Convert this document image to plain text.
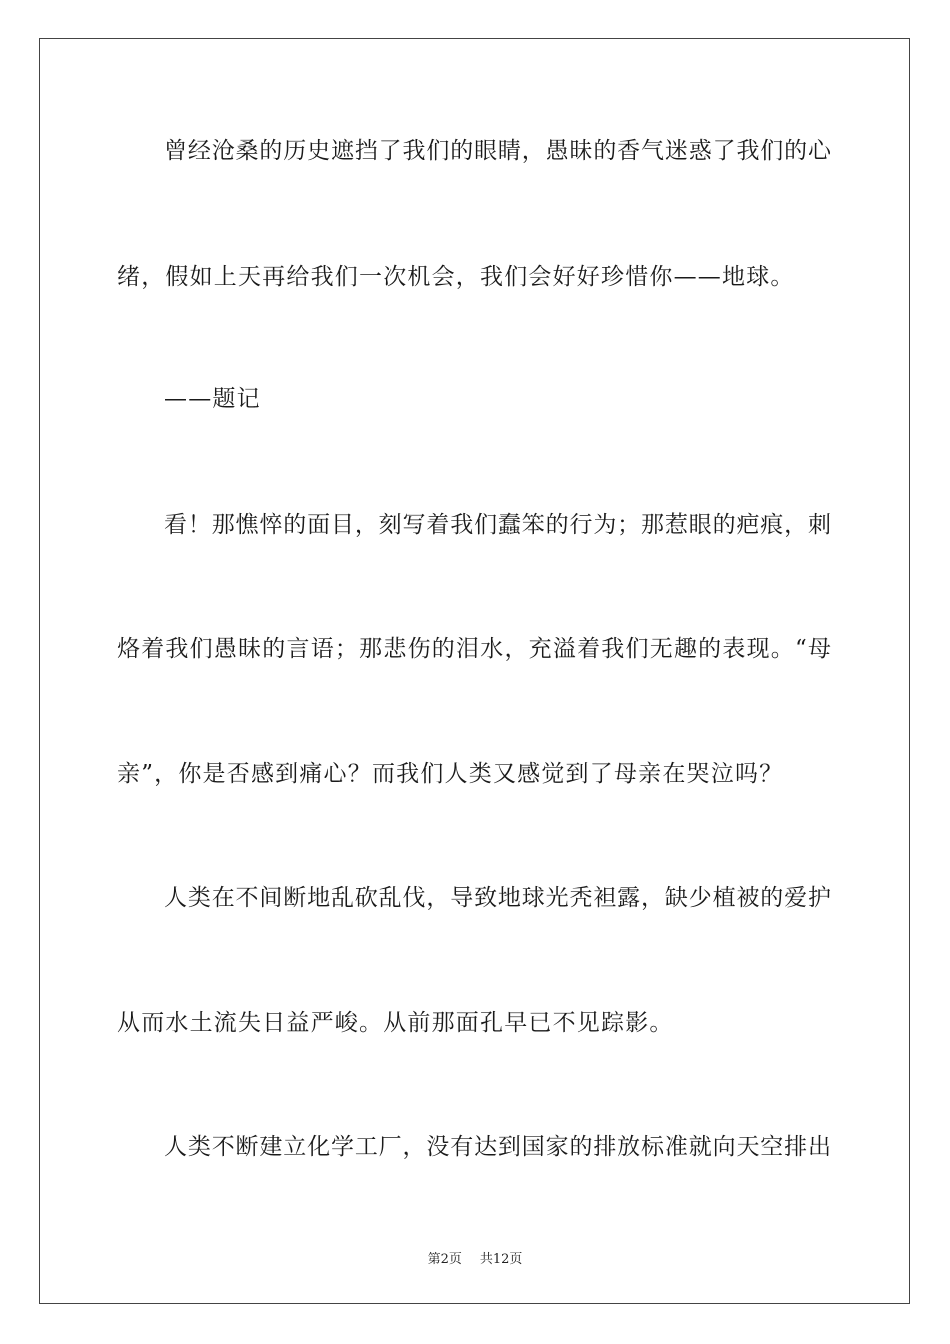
曾经沧桑的历史遮挡了我们的眼睛，愚昧的香气迷惑了我们的心
绪，假如上天再给我们一次机会，我们会好好珍惜你——地球。
——题记
看！那憔悴的面目，刻写着我们蠢笨的行为；那惹眼的疤痕，刺
烙着我们愚昧的言语；那悲伤的泪水，充溢着我们无趣的表现。“母
亲”，你是否感到痛心？而我们人类又感觉到了母亲在哭泣吗？
人类在不间断地乱砍乱伐，导致地球光秃袒露，缺少植被的爱护
从而水土流失日益严峻。从前那面孔早已不见踪影。
人类不断建立化学工厂，没有达到国家的排放标准就向天空排出
第2页 共12页
